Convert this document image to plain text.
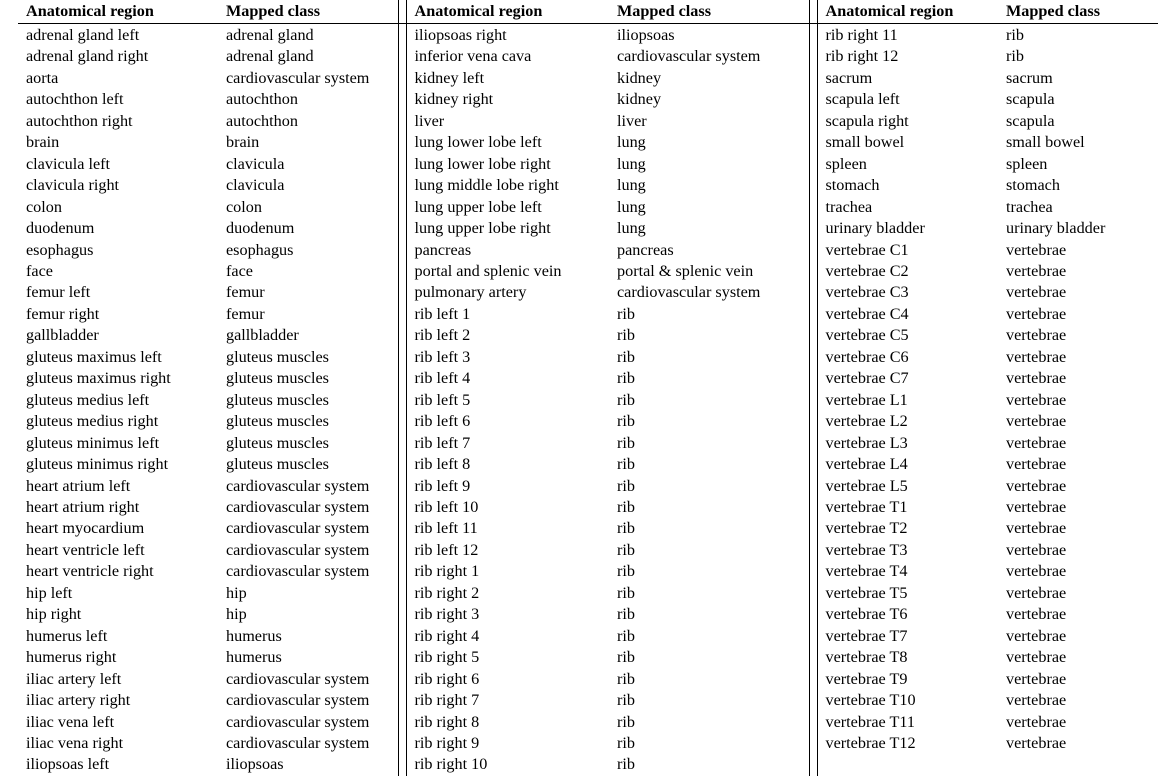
Anatomical region	Mapped class		Anatomical region	Mapped class		Anatomical region	Mapped class
adrenal gland left	adrenal gland		iliopsoas right	iliopsoas		rib right 11	rib
adrenal gland right	adrenal gland		inferior vena cava	cardiovascular system		rib right 12	rib
aorta	cardiovascular system		kidney left	kidney		sacrum	sacrum
autochthon left	autochthon		kidney right	kidney		scapula left	scapula
autochthon right	autochthon		liver	liver		scapula right	scapula
brain	brain		lung lower lobe left	lung		small bowel	small bowel
clavicula left	clavicula		lung lower lobe right	lung		spleen	spleen
clavicula right	clavicula		lung middle lobe right	lung		stomach	stomach
colon	colon		lung upper lobe left	lung		trachea	trachea
duodenum	duodenum		lung upper lobe right	lung		urinary bladder	urinary bladder
esophagus	esophagus		pancreas	pancreas		vertebrae C1	vertebrae
face	face		portal and splenic vein	portal & splenic vein		vertebrae C2	vertebrae
femur left	femur		pulmonary artery	cardiovascular system		vertebrae C3	vertebrae
femur right	femur		rib left 1	rib		vertebrae C4	vertebrae
gallbladder	gallbladder		rib left 2	rib		vertebrae C5	vertebrae
gluteus maximus left	gluteus muscles		rib left 3	rib		vertebrae C6	vertebrae
gluteus maximus right	gluteus muscles		rib left 4	rib		vertebrae C7	vertebrae
gluteus medius left	gluteus muscles		rib left 5	rib		vertebrae L1	vertebrae
gluteus medius right	gluteus muscles		rib left 6	rib		vertebrae L2	vertebrae
gluteus minimus left	gluteus muscles		rib left 7	rib		vertebrae L3	vertebrae
gluteus minimus right	gluteus muscles		rib left 8	rib		vertebrae L4	vertebrae
heart atrium left	cardiovascular system		rib left 9	rib		vertebrae L5	vertebrae
heart atrium right	cardiovascular system		rib left 10	rib		vertebrae T1	vertebrae
heart myocardium	cardiovascular system		rib left 11	rib		vertebrae T2	vertebrae
heart ventricle left	cardiovascular system		rib left 12	rib		vertebrae T3	vertebrae
heart ventricle right	cardiovascular system		rib right 1	rib		vertebrae T4	vertebrae
hip left	hip		rib right 2	rib		vertebrae T5	vertebrae
hip right	hip		rib right 3	rib		vertebrae T6	vertebrae
humerus left	humerus		rib right 4	rib		vertebrae T7	vertebrae
humerus right	humerus		rib right 5	rib		vertebrae T8	vertebrae
iliac artery left	cardiovascular system		rib right 6	rib		vertebrae T9	vertebrae
iliac artery right	cardiovascular system		rib right 7	rib		vertebrae T10	vertebrae
iliac vena left	cardiovascular system		rib right 8	rib		vertebrae T11	vertebrae
iliac vena right	cardiovascular system		rib right 9	rib		vertebrae T12	vertebrae
iliopsoas left	iliopsoas		rib right 10	rib			
